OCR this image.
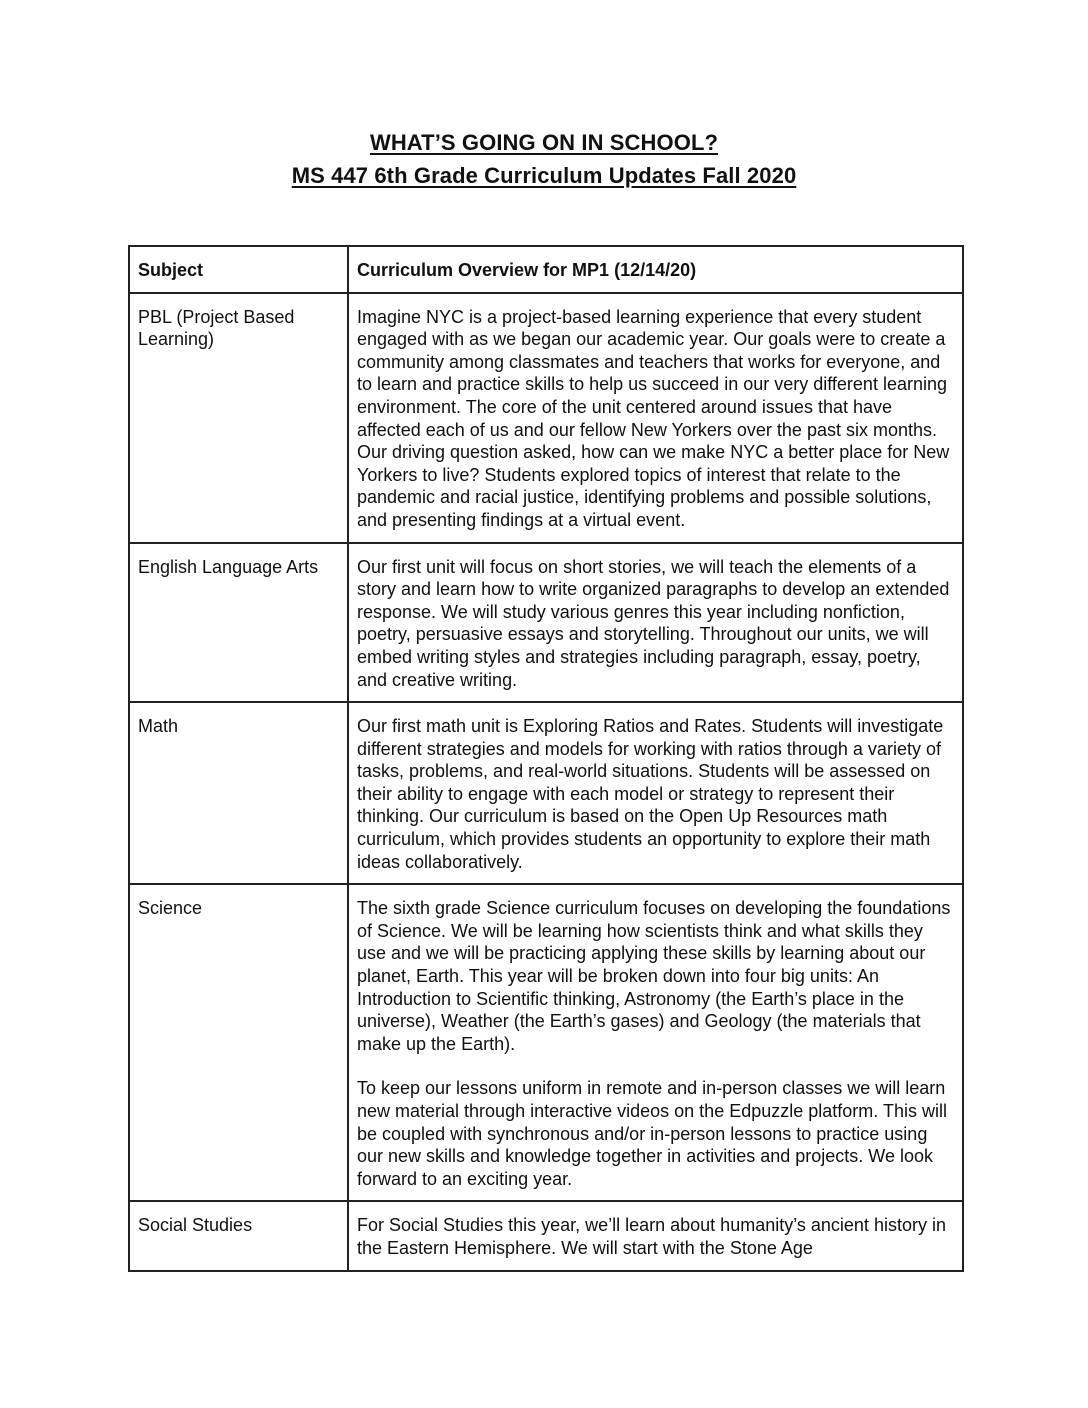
WHAT’S GOING ON IN SCHOOL?
MS 447 6th Grade Curriculum Updates Fall 2020
Subject	Curriculum Overview for MP1 (12/14/20)
PBL (Project Based Learning)	Imagine NYC is a project-based learning experience that every student engaged with as we began our academic year. Our goals were to create a community among classmates and teachers that works for everyone, and to learn and practice skills to help us succeed in our very different learning environment. The core of the unit centered around issues that have affected each of us and our fellow New Yorkers over the past six months. Our driving question asked, how can we make NYC a better place for New Yorkers to live? Students explored topics of interest that relate to the pandemic and racial justice, identifying problems and possible solutions, and presenting findings at a virtual event.

English Language Arts	Our first unit will focus on short stories, we will teach the elements of a story and learn how to write organized paragraphs to develop an extended response. We will study various genres this year including nonfiction, poetry, persuasive essays and storytelling. Throughout our units, we will embed writing styles and strategies including paragraph, essay, poetry, and creative writing.

Math	Our first math unit is Exploring Ratios and Rates. Students will investigate different strategies and models for working with ratios through a variety of tasks, problems, and real-world situations. Students will be assessed on their ability to engage with each model or strategy to represent their thinking. Our curriculum is based on the Open Up Resources math curriculum, which provides students an opportunity to explore their math ideas collaboratively.

Science	The sixth grade Science curriculum focuses on developing the foundations of Science. We will be learning how scientists think and what skills they use and we will be practicing applying these skills by learning about our planet, Earth. This year will be broken down into four big units: An Introduction to Scientific thinking, Astronomy (the Earth’s place in the universe), Weather (the Earth’s gases) and Geology (the materials that make up the Earth).
To keep our lessons uniform in remote and in-person classes we will learn new material through interactive videos on the Edpuzzle platform. This will be coupled with synchronous and/or in-person lessons to practice using our new skills and knowledge together in activities and projects. We look forward to an exciting year.

Social Studies	For Social Studies this year, we’ll learn about humanity’s ancient history in the Eastern Hemisphere. We will start with the Stone Age
